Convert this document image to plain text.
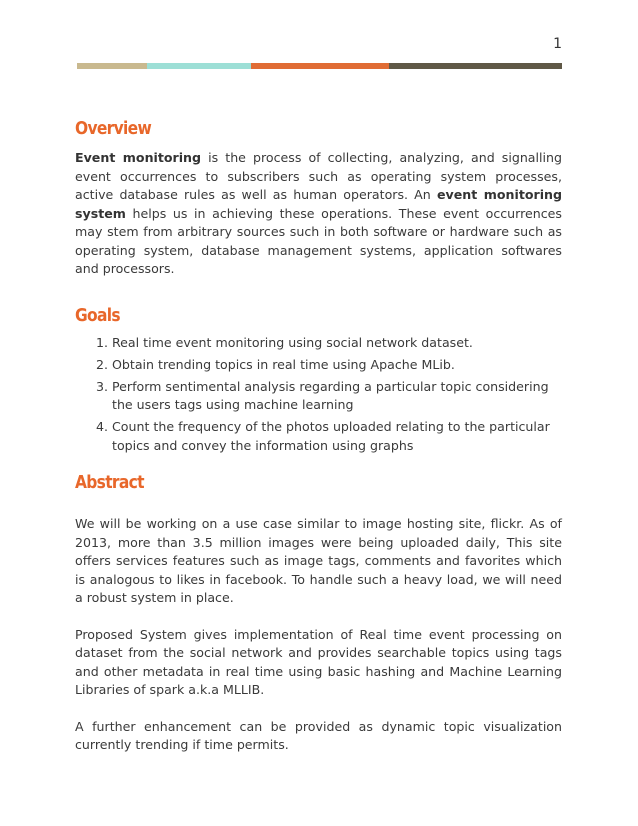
1
Overview

Event monitoring is the process of collecting, analyzing, and signalling event occurrences to subscribers such as operating system processes, active database rules as well as human operators. An event monitoring system helps us in achieving these operations. These event occurrences may stem from arbitrary sources such in both software or hardware such as operating system, database management systems, application softwares and processors.

Goals
1. Real time event monitoring using social network dataset.
2. Obtain trending topics in real time using Apache MLib.
3. Perform sentimental analysis regarding a particular topic considering the users tags using machine learning
4. Count the frequency of the photos uploaded relating to the particular topics and convey the information using graphs
Abstract

We will be working on a use case similar to image hosting site, flickr. As of 2013, more than 3.5 million images were being uploaded daily, This site offers services features such as image tags, comments and favorites which is analogous to likes in facebook. To handle such a heavy load, we will need a robust system in place.

Proposed System gives implementation of Real time event processing on dataset from the social network and provides searchable topics using tags and other metadata in real time using basic hashing and Machine Learning Libraries of spark a.k.a MLLIB.

A further enhancement can be provided as dynamic topic visualization currently trending if time permits.
